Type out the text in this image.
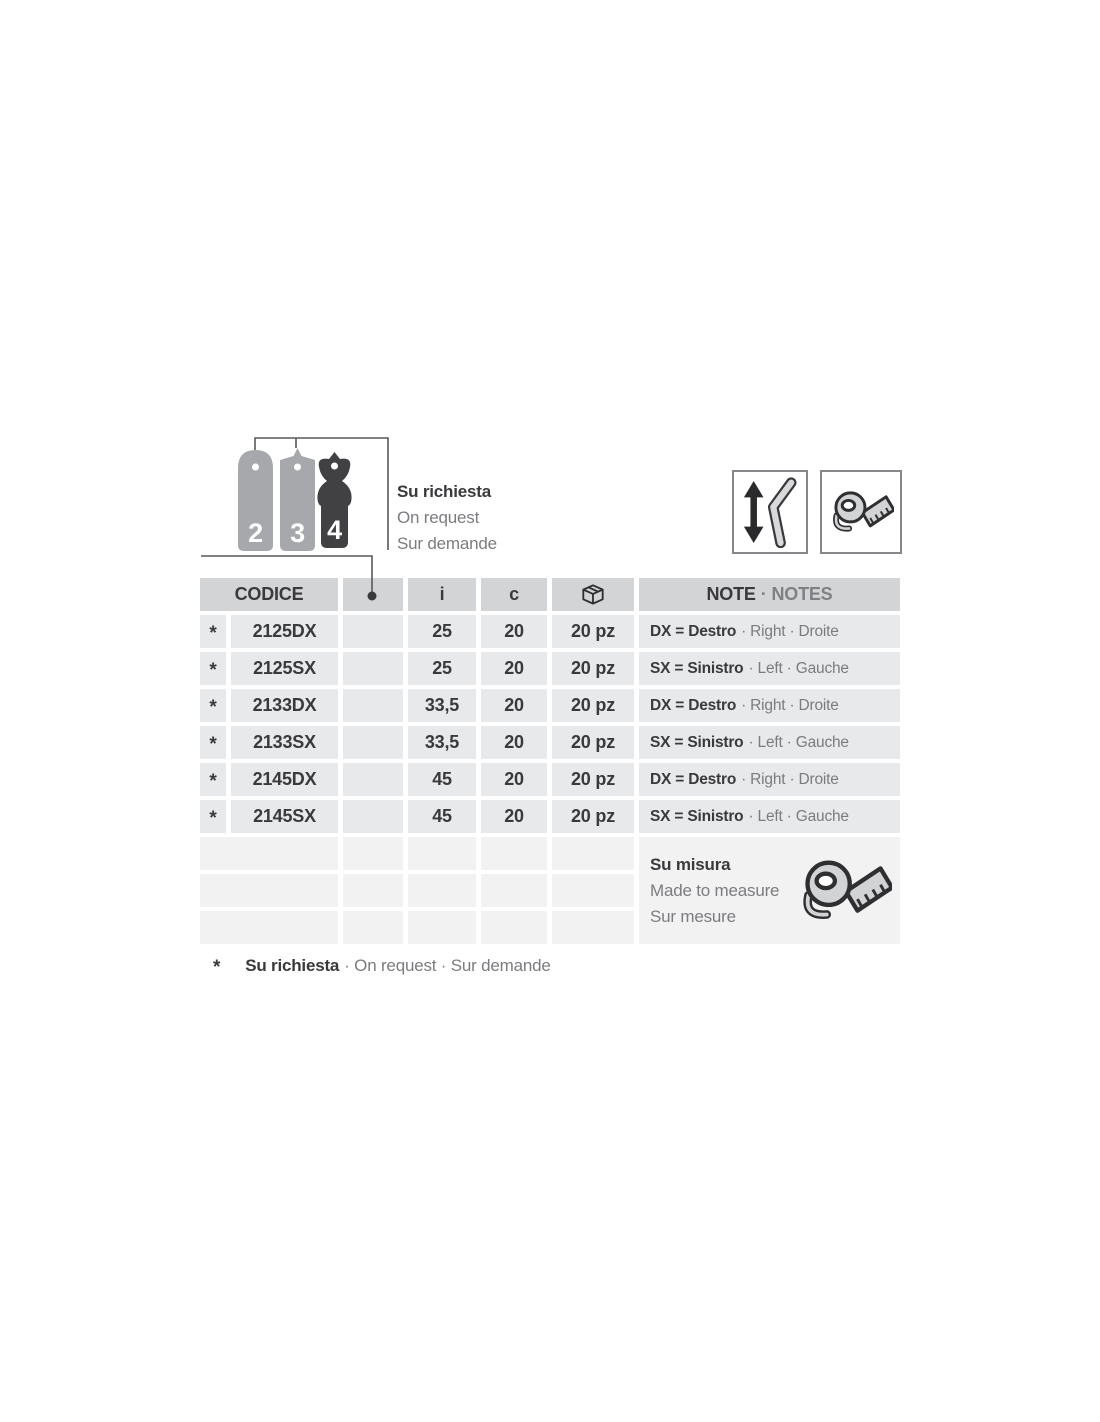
2 3 4
Su richiesta
On request
Sur demande
CODICE	i	c	NOTE · NOTES
*	2125DX	25	20	20 pz	DX = Destro · Right · Droite
*	2125SX	25	20	20 pz	SX = Sinistro · Left · Gauche
*	2133DX	33,5	20	20 pz	DX = Destro · Right · Droite
*	2133SX	33,5	20	20 pz	SX = Sinistro · Left · Gauche
*	2145DX	45	20	20 pz	DX = Destro · Right · Droite
*	2145SX	45	20	20 pz	SX = Sinistro · Left · Gauche
Su misura
Made to measure
Sur mesure
* Su richiesta · On request · Sur demande
